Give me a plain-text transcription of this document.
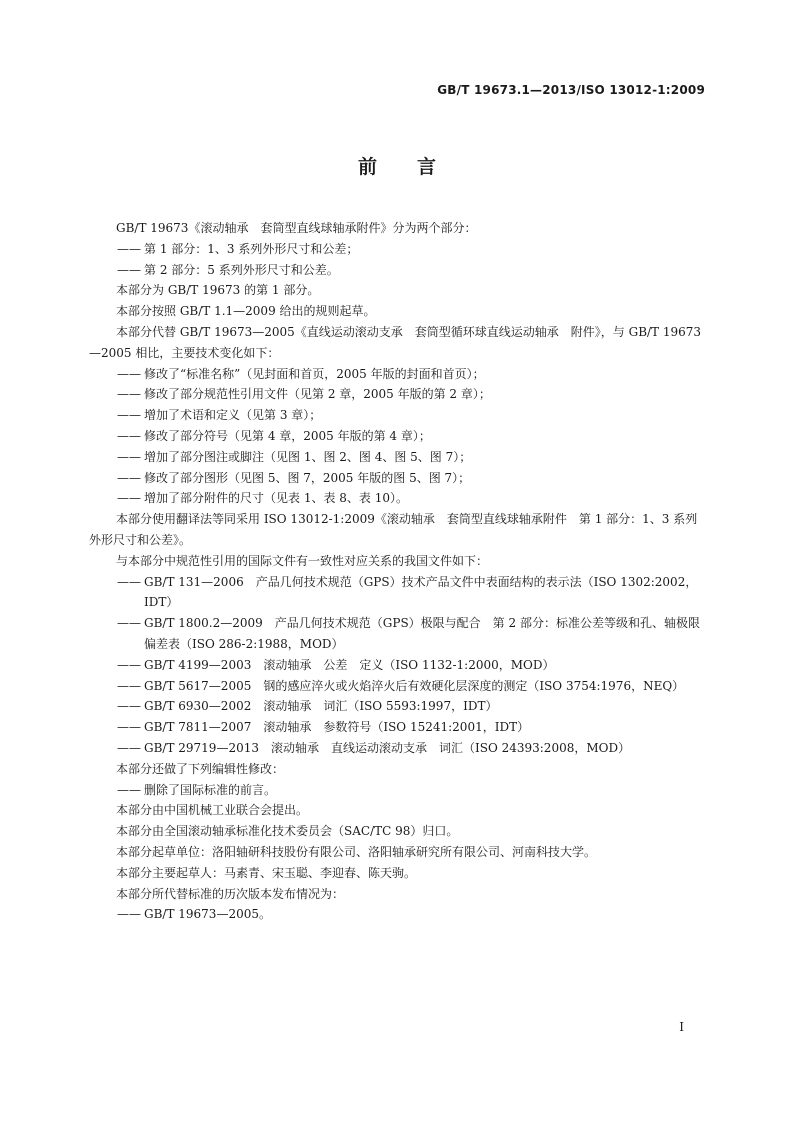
GB/T 19673.1—2013/ISO 13012-1:2009
前言

GB/T 19673《滚动轴承　套筒型直线球轴承附件》分为两个部分：

—— 第 1 部分：1、3 系列外形尺寸和公差；

—— 第 2 部分：5 系列外形尺寸和公差。

本部分为 GB/T 19673 的第 1 部分。

本部分按照 GB/T 1.1—2009 给出的规则起草。

本部分代替 GB/T 19673—2005《直线运动滚动支承　套筒型循环球直线运动轴承　附件》，与 GB/T 19673—2005 相比，主要技术变化如下：

—— 修改了“标准名称”（见封面和首页，2005 年版的封面和首页）；

—— 修改了部分规范性引用文件（见第 2 章，2005 年版的第 2 章）；

—— 增加了术语和定义（见第 3 章）；

—— 修改了部分符号（见第 4 章，2005 年版的第 4 章）；

—— 增加了部分图注或脚注（见图 1、图 2、图 4、图 5、图 7）；

—— 修改了部分图形（见图 5、图 7，2005 年版的图 5、图 7）；

—— 增加了部分附件的尺寸（见表 1、表 8、表 10）。

本部分使用翻译法等同采用 ISO 13012-1:2009《滚动轴承　套筒型直线球轴承附件　第 1 部分：1、3 系列外形尺寸和公差》。

与本部分中规范性引用的国际文件有一致性对应关系的我国文件如下：

—— GB/T 131—2006　产品几何技术规范（GPS）技术产品文件中表面结构的表示法（ISO 1302:2002，IDT）

—— GB/T 1800.2—2009　产品几何技术规范（GPS）极限与配合　第 2 部分：标准公差等级和孔、轴极限偏差表（ISO 286-2:1988，MOD）

—— GB/T 4199—2003　滚动轴承　公差　定义（ISO 1132-1:2000，MOD）

—— GB/T 5617—2005　钢的感应淬火或火焰淬火后有效硬化层深度的测定（ISO 3754:1976，NEQ）

—— GB/T 6930—2002　滚动轴承　词汇（ISO 5593:1997，IDT）

—— GB/T 7811—2007　滚动轴承　参数符号（ISO 15241:2001，IDT）

—— GB/T 29719—2013　滚动轴承　直线运动滚动支承　词汇（ISO 24393:2008，MOD）

本部分还做了下列编辑性修改：

—— 删除了国际标准的前言。

本部分由中国机械工业联合会提出。

本部分由全国滚动轴承标准化技术委员会（SAC/TC 98）归口。

本部分起草单位：洛阳轴研科技股份有限公司、洛阳轴承研究所有限公司、河南科技大学。

本部分主要起草人：马素青、宋玉聪、李迎春、陈天驹。

本部分所代替标准的历次版本发布情况为：

—— GB/T 19673—2005。

I
